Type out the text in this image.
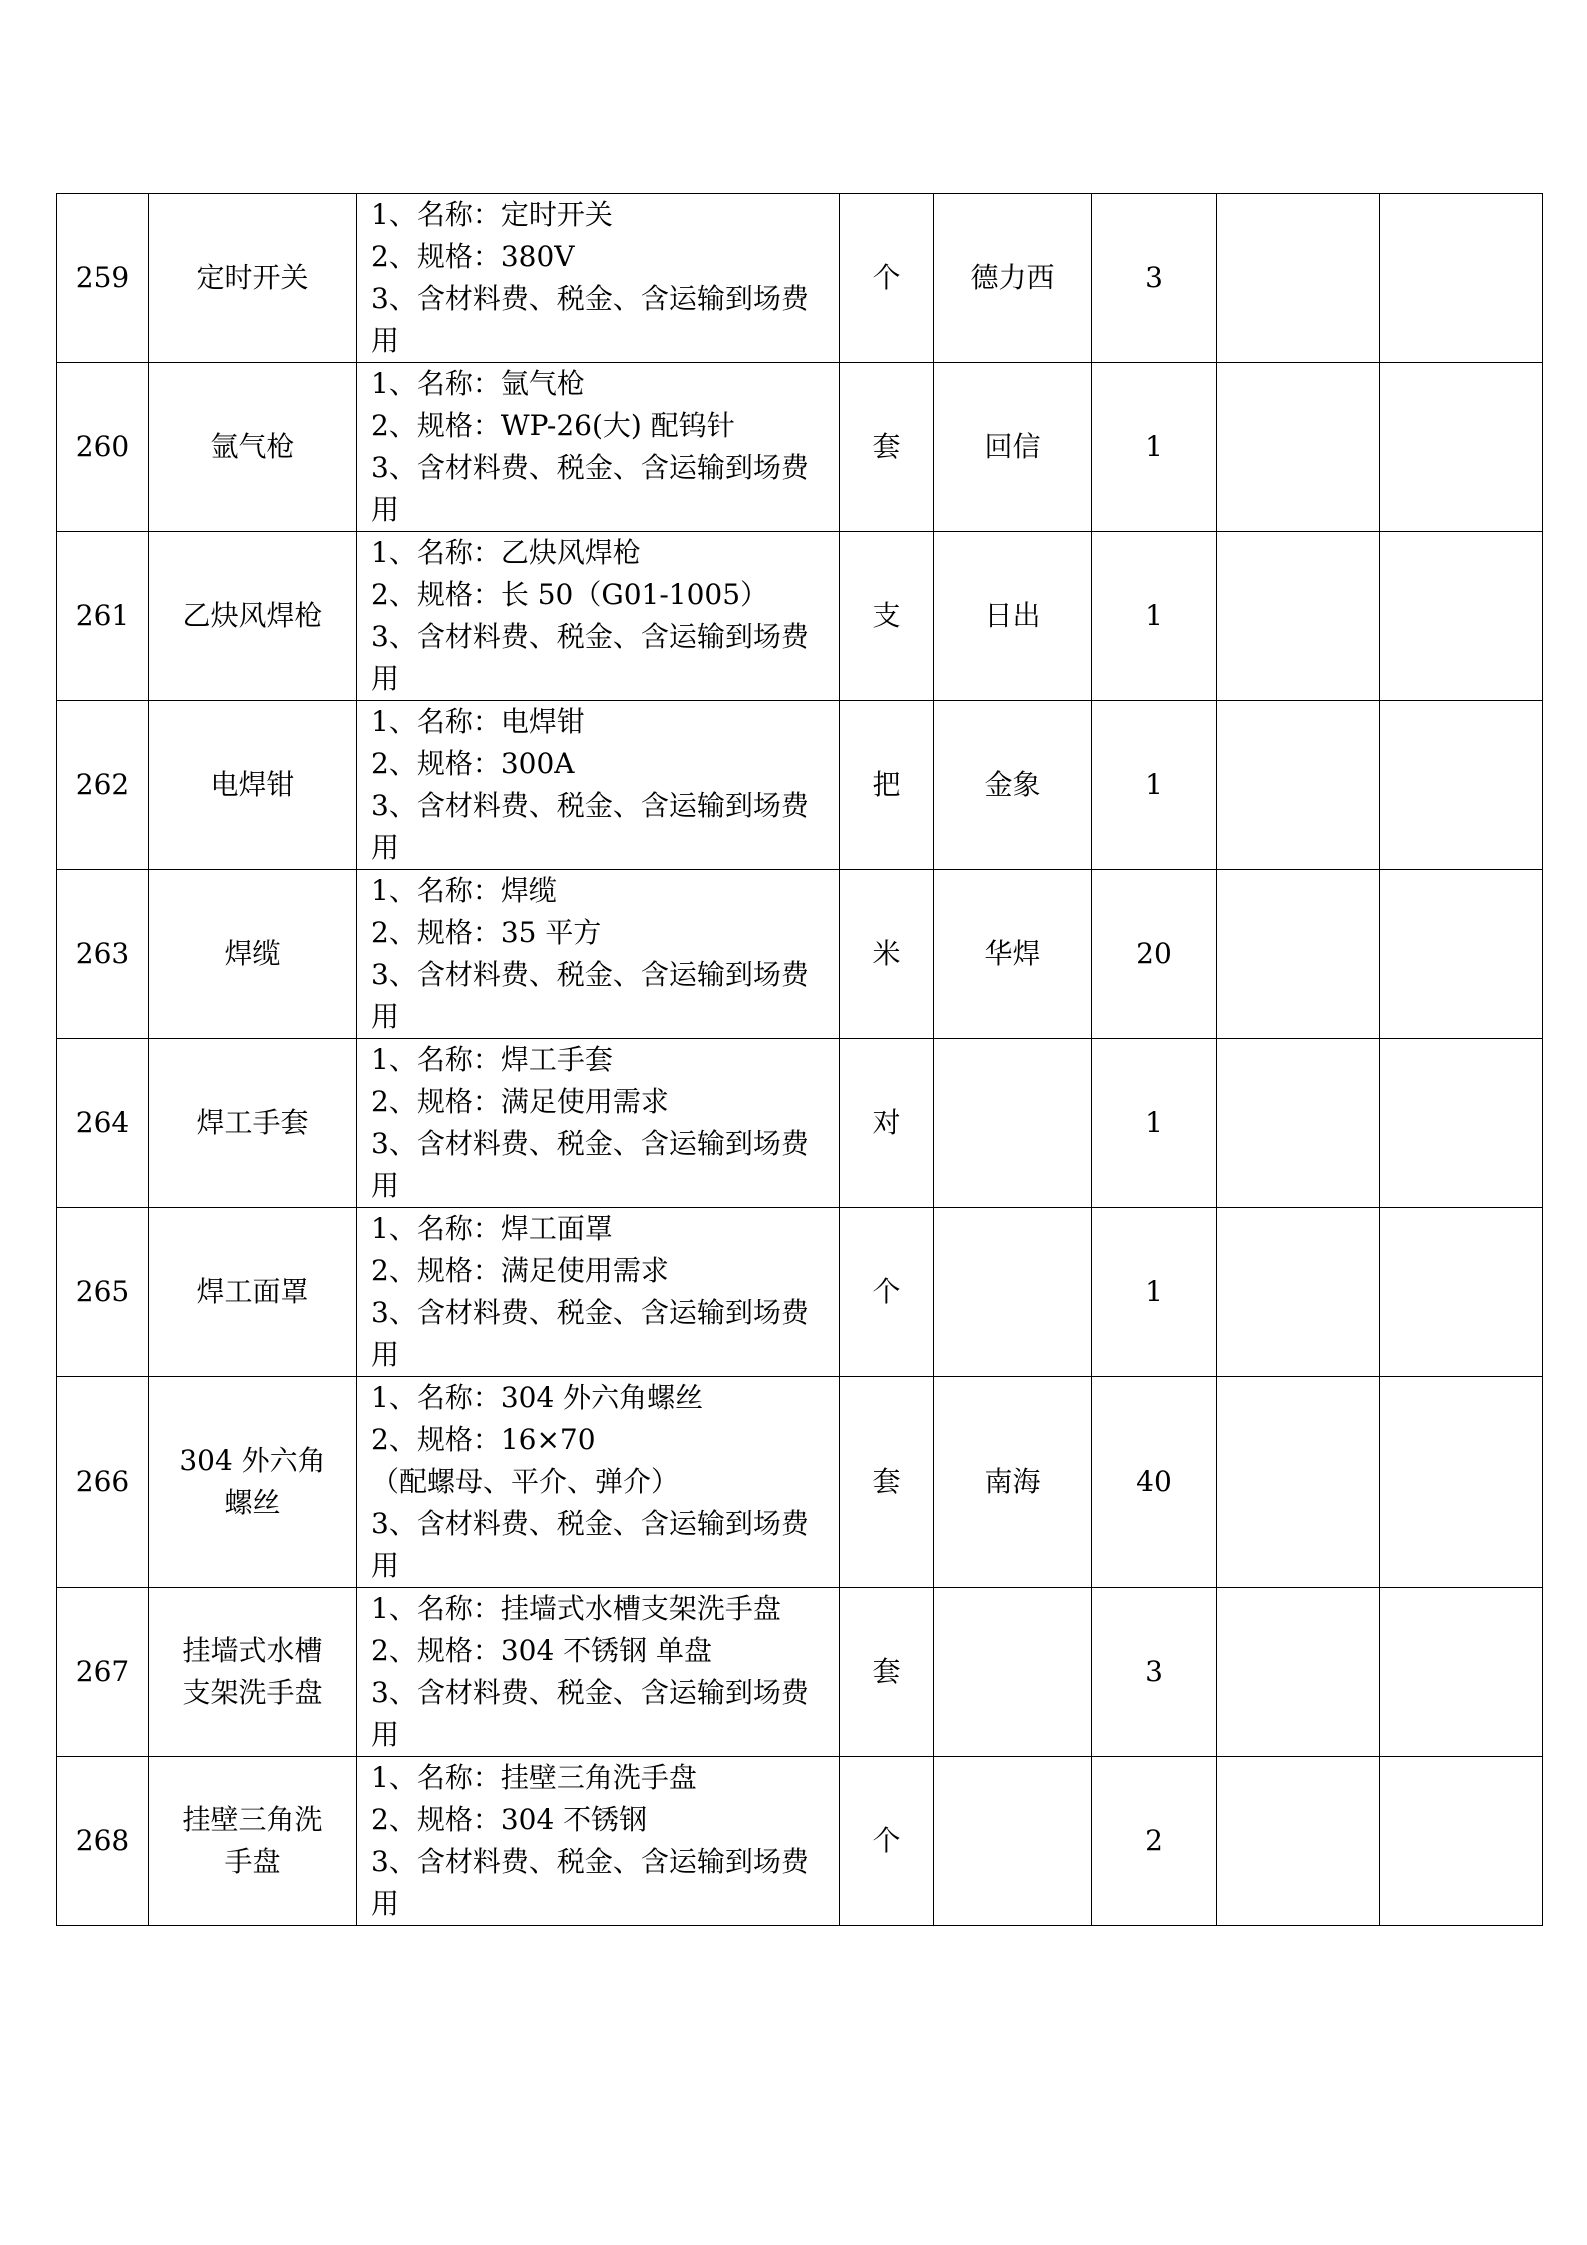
259	定时开关	1、名称：定时开关
2、规格：380V
3、含材料费、税金、含运输到场费
用	个	德力西	3		
260	氩气枪	1、名称：氩气枪
2、规格：WP-26(大) 配钨针
3、含材料费、税金、含运输到场费
用	套	回信	1		
261	乙炔风焊枪	1、名称：乙炔风焊枪
2、规格：长 50（G01-1005）
3、含材料费、税金、含运输到场费
用	支	日出	1		
262	电焊钳	1、名称：电焊钳
2、规格：300A
3、含材料费、税金、含运输到场费
用	把	金象	1		
263	焊缆	1、名称：焊缆
2、规格：35 平方
3、含材料费、税金、含运输到场费
用	米	华焊	20		
264	焊工手套	1、名称：焊工手套
2、规格：满足使用需求
3、含材料费、税金、含运输到场费
用	对		1		
265	焊工面罩	1、名称：焊工面罩
2、规格：满足使用需求
3、含材料费、税金、含运输到场费
用	个		1		
266	304 外六角
螺丝	1、名称：304 外六角螺丝
2、规格：16×70
（配螺母、平介、弹介）
3、含材料费、税金、含运输到场费
用	套	南海	40		
267	挂墙式水槽
支架洗手盘	1、名称：挂墙式水槽支架洗手盘
2、规格：304 不锈钢 单盘
3、含材料费、税金、含运输到场费
用	套		3		
268	挂壁三角洗
手盘	1、名称：挂壁三角洗手盘
2、规格：304 不锈钢
3、含材料费、税金、含运输到场费
用	个		2		
